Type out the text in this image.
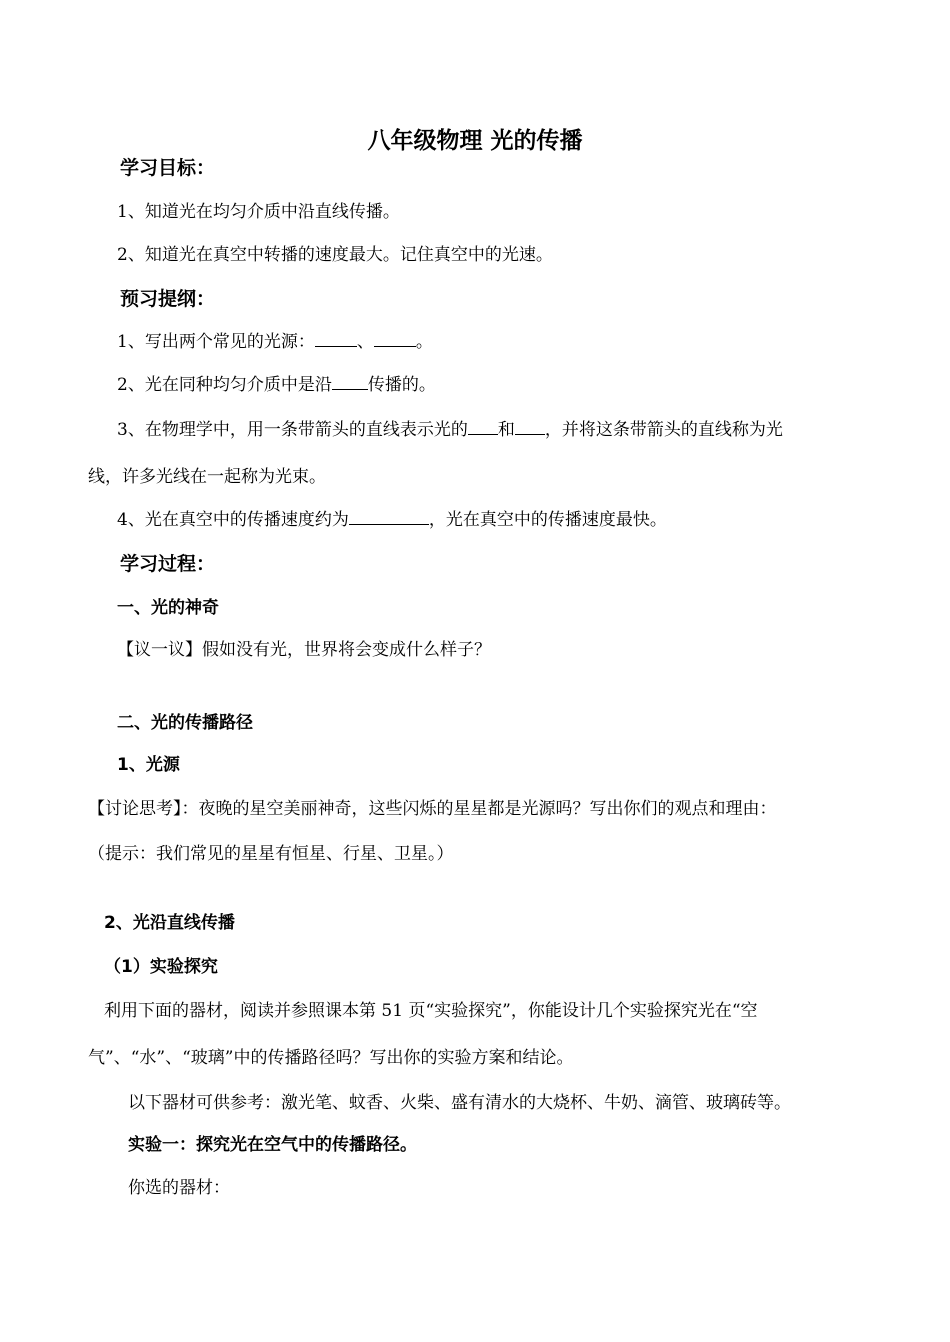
八年级物理 光的传播
学习目标：
1、知道光在均匀介质中沿直线传播。
2、知道光在真空中转播的速度最大。记住真空中的光速。
预习提纲：
1、写出两个常见的光源： 、 。
2、光在同种均匀介质中是沿 传播的。
3、在物理学中，用一条带箭头的直线表示光的 和 ，并将这条带箭头的直线称为光
线，许多光线在一起称为光束。
4、光在真空中的传播速度约为	，光在真空中的传播速度最快。
学习过程：
一、光的神奇
【议一议】假如没有光，世界将会变成什么样子？
二、光的传播路径
1、光源
【讨论思考】：夜晚的星空美丽神奇，这些闪烁的星星都是光源吗？写出你们的观点和理由：
（提示：我们常见的星星有恒星、行星、卫星。）
2、光沿直线传播
（1）实验探究
利用下面的器材，阅读并参照课本第 51 页“实验探究”，你能设计几个实验探究光在“空
气”、“水”、“玻璃”中的传播路径吗？写出你的实验方案和结论。
以下器材可供参考：激光笔、蚊香、火柴、盛有清水的大烧杯、牛奶、滴管、玻璃砖等。
实验一：探究光在空气中的传播路径。
你选的器材：
